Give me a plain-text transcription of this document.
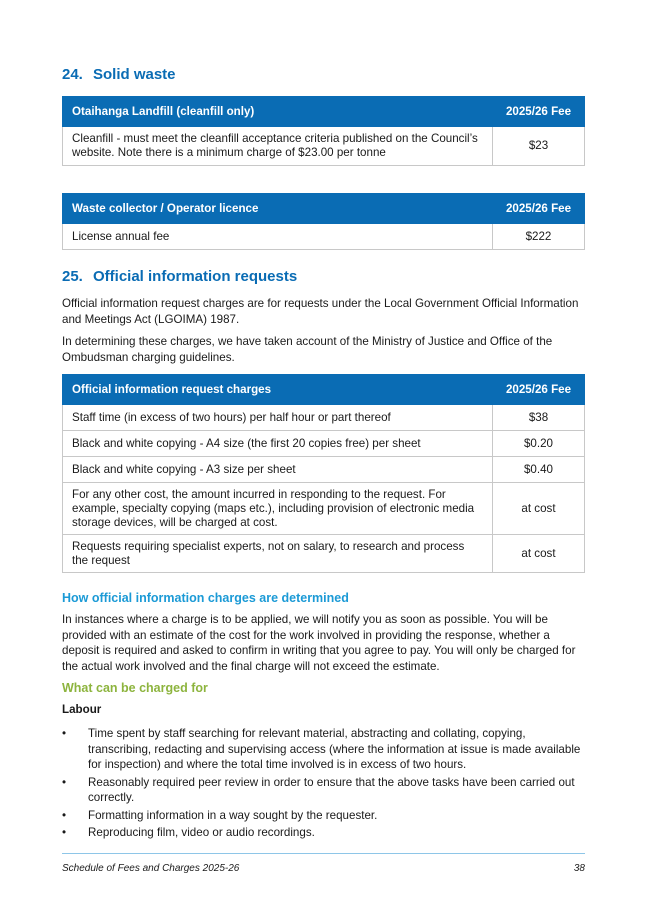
24. Solid waste
Otaihanga Landfill (cleanfill only)	2025/26 Fee
Cleanfill - must meet the cleanfill acceptance criteria published on the Council’s website. Note there is a minimum charge of $23.00 per tonne	$23
Waste collector / Operator licence	2025/26 Fee
License annual fee	$222
25. Official information requests

Official information request charges are for requests under the Local Government Official Information and Meetings Act (LGOIMA) 1987.

In determining these charges, we have taken account of the Ministry of Justice and Office of the Ombudsman charging guidelines.

Official information request charges	2025/26 Fee
Staff time (in excess of two hours) per half hour or part thereof	$38
Black and white copying - A4 size (the first 20 copies free) per sheet	$0.20
Black and white copying - A3 size per sheet	$0.40
For any other cost, the amount incurred in responding to the request. For example, specialty copying (maps etc.), including provision of electronic media storage devices, will be charged at cost.	at cost
Requests requiring specialist experts, not on salary, to research and process the request	at cost
How official information charges are determined

In instances where a charge is to be applied, we will notify you as soon as possible. You will be provided with an estimate of the cost for the work involved in providing the response, whether a deposit is required and asked to confirm in writing that you agree to pay. You will only be charged for the actual work involved and the final charge will not exceed the estimate.

What can be charged for
Labour
•	Time spent by staff searching for relevant material, abstracting and collating, copying, transcribing, redacting and supervising access (where the information at issue is made available for inspection) and where the total time involved is in excess of two hours.
•	Reasonably required peer review in order to ensure that the above tasks have been carried out correctly.
•	Formatting information in a way sought by the requester.
•	Reproducing film, video or audio recordings.
Schedule of Fees and Charges 2025-26	38
